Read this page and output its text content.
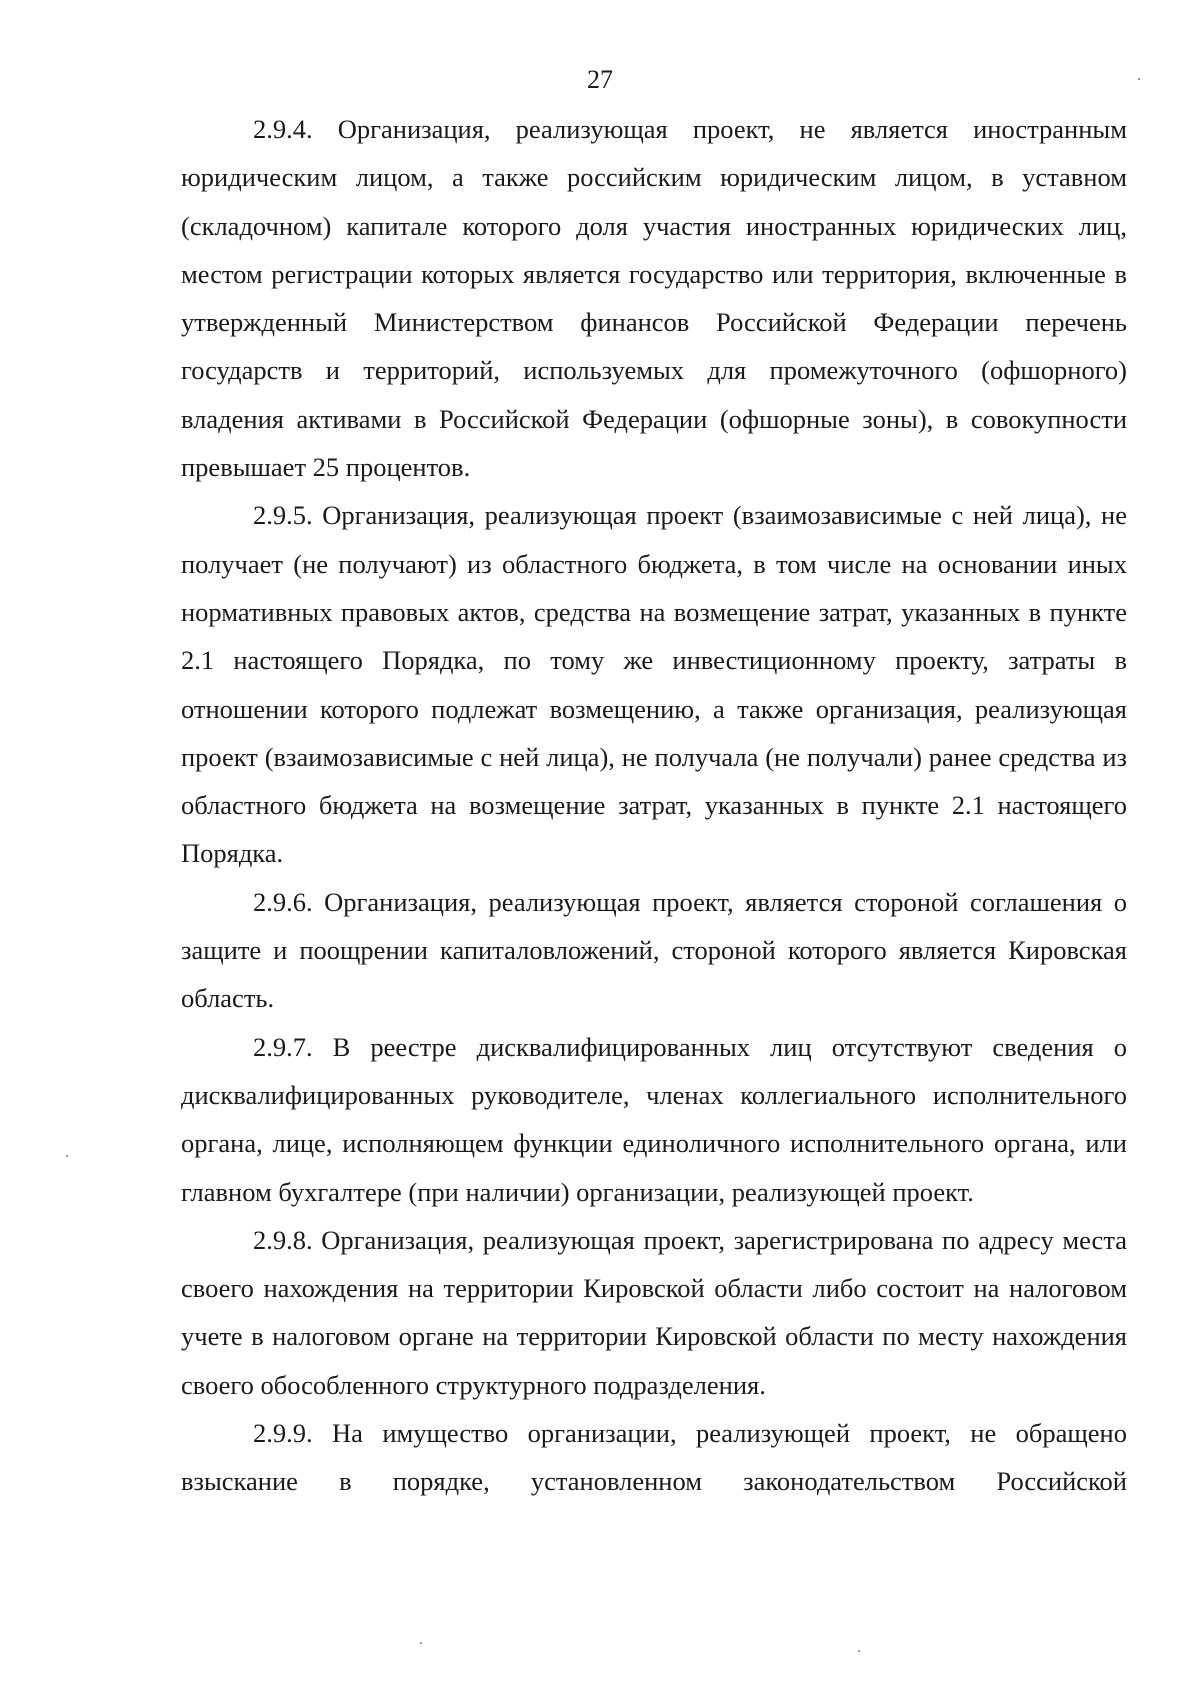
27

2.9.4. Организация, реализующая проект, не является иностранным юридическим лицом, а также российским юридическим лицом, в уставном (складочном) капитале которого доля участия иностранных юридических лиц, местом регистрации которых является государство или территория, включенные в утвержденный Министерством финансов Российской Федерации перечень государств и территорий, используемых для промежуточного (офшорного) владения активами в Российской Федерации (офшорные зоны), в совокупности превышает 25 процентов.

2.9.5. Организация, реализующая проект (взаимозависимые с ней лица), не получает (не получают) из областного бюджета, в том числе на основании иных нормативных правовых актов, средства на возмещение затрат, указанных в пункте 2.1 настоящего Порядка, по тому же инвестиционному проекту, затраты в отношении которого подлежат возмещению, а также организация, реализующая проект (взаимозависимые с ней лица), не получала (не получали) ранее средства из областного бюджета на возмещение затрат, указанных в пункте 2.1 настоящего Порядка.

2.9.6. Организация, реализующая проект, является стороной соглашения о защите и поощрении капиталовложений, стороной которого является Кировская область.

2.9.7. В реестре дисквалифицированных лиц отсутствуют сведения о дисквалифицированных руководителе, членах коллегиального исполнительного органа, лице, исполняющем функции единоличного исполнительного органа, или главном бухгалтере (при наличии) организации, реализующей проект.

2.9.8. Организация, реализующая проект, зарегистрирована по адресу места своего нахождения на территории Кировской области либо состоит на налоговом учете в налоговом органе на территории Кировской области по месту нахождения своего обособленного структурного подразделения.

2.9.9. На имущество организации, реализующей проект, не обращено взыскание в порядке, установленном законодательством Российской
